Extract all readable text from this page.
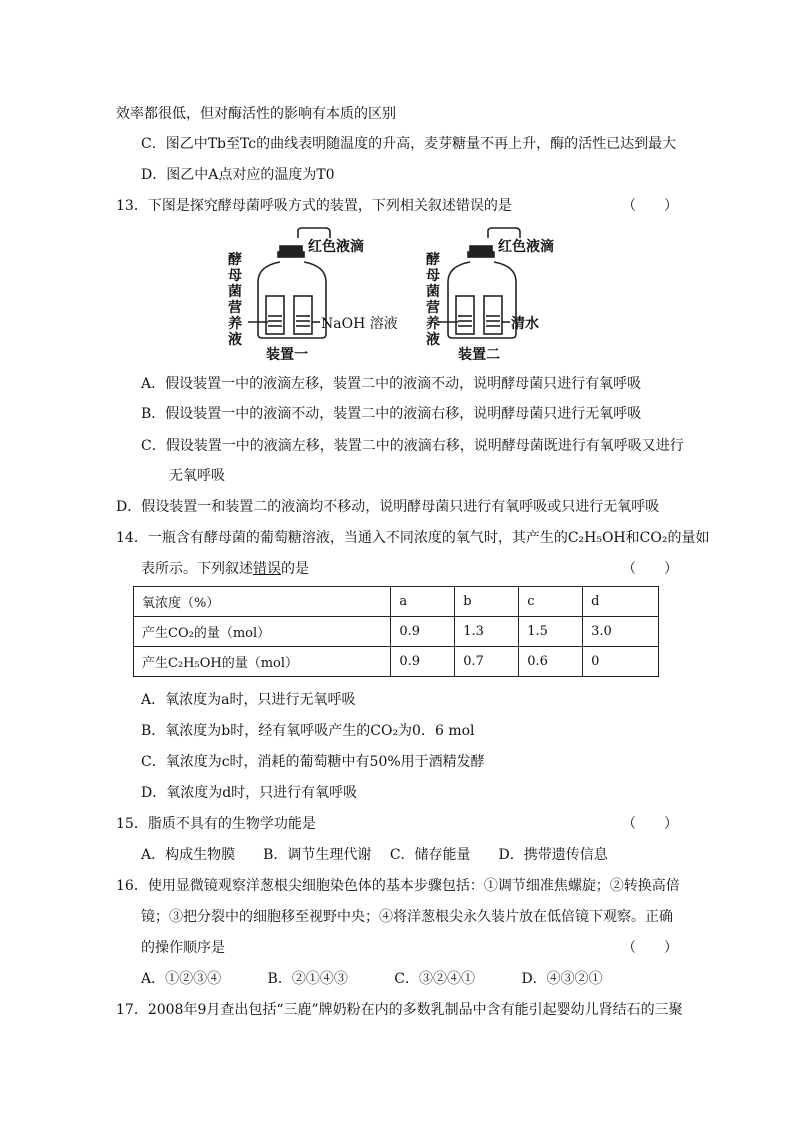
效率都很低，但对酶活性的影响有本质的区别
C．图乙中Tb至Tc的曲线表明随温度的升高，麦芽糖量不再上升，酶的活性已达到最大
D．图乙中A点对应的温度为T0
13．下图是探究酵母菌呼吸方式的装置，下列相关叙述错误的是	（　　）
酵
母
菌
营
养
液
红色液滴
NaOH 溶液
装置一
酵
母
菌
营
养
液
红色液滴
清水
装置二
A．假设装置一中的液滴左移，装置二中的液滴不动，说明酵母菌只进行有氧呼吸
B．假设装置一中的液滴不动，装置二中的液滴右移，说明酵母菌只进行无氧呼吸
C．假设装置一中的液滴左移，装置二中的液滴右移，说明酵母菌既进行有氧呼吸又进行
无氧呼吸
D．假设装置一和装置二的液滴均不移动，说明酵母菌只进行有氧呼吸或只进行无氧呼吸
14．一瓶含有酵母菌的葡萄糖溶液，当通入不同浓度的氧气时，其产生的C₂H₅OH和CO₂的量如
表所示。下列叙述错误的是	（　　）
氧浓度（%）	a	b	c	d
产生CO₂的量（mol）	0.9	1.3	1.5	3.0
产生C₂H₅OH的量（mol）	0.9	0.7	0.6	0
A．氧浓度为a时，只进行无氧呼吸
B．氧浓度为b时，经有氧呼吸产生的CO₂为0．6 mol
C．氧浓度为c时，消耗的葡萄糖中有50%用于酒精发酵
D．氧浓度为d时，只进行有氧呼吸
15．脂质不具有的生物学功能是	（　　）
A．构成生物膜　　B．调节生理代谢　 C．储存能量　　D．携带遗传信息
16．使用显微镜观察洋葱根尖细胞染色体的基本步骤包括：①调节细准焦螺旋；②转换高倍
镜；③把分裂中的细胞移至视野中央；④将洋葱根尖永久装片放在低倍镜下观察。正确
的操作顺序是	（　　）
A．①②③④　　　 B．②①④③　　　 C．③②④①　　　 D．④③②①
17．2008年9月查出包括“三鹿”牌奶粉在内的多数乳制品中含有能引起婴幼儿肾结石的三聚
